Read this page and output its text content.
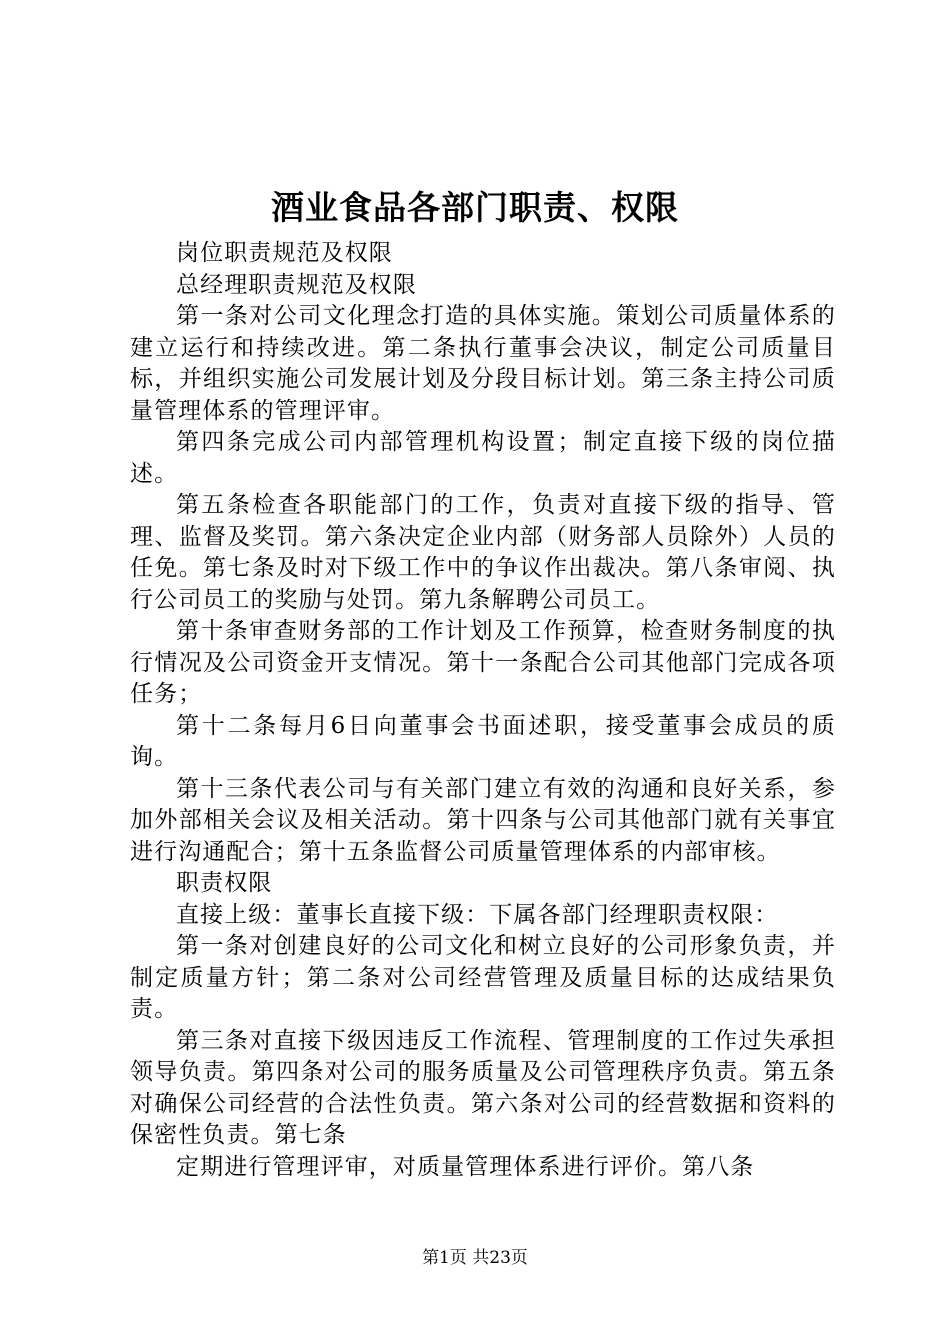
酒业食品各部门职责、权限

岗位职责规范及权限

总经理职责规范及权限

第一条对公司文化理念打造的具体实施。策划公司质量体系的建立运行和持续改进。第二条执行董事会决议，制定公司质量目标，并组织实施公司发展计划及分段目标计划。第三条主持公司质量管理体系的管理评审。

第四条完成公司内部管理机构设置；制定直接下级的岗位描述。

第五条检查各职能部门的工作，负责对直接下级的指导、管理、监督及奖罚。第六条决定企业内部（财务部人员除外）人员的任免。第七条及时对下级工作中的争议作出裁决。第八条审阅、执行公司员工的奖励与处罚。第九条解聘公司员工。

第十条审查财务部的工作计划及工作预算，检查财务制度的执行情况及公司资金开支情况。第十一条配合公司其他部门完成各项任务；

第十二条每月6日向董事会书面述职，接受董事会成员的质询。

第十三条代表公司与有关部门建立有效的沟通和良好关系，参加外部相关会议及相关活动。第十四条与公司其他部门就有关事宜进行沟通配合；第十五条监督公司质量管理体系的内部审核。

职责权限

直接上级：董事长直接下级：下属各部门经理职责权限：

第一条对创建良好的公司文化和树立良好的公司形象负责，并制定质量方针；第二条对公司经营管理及质量目标的达成结果负责。

第三条对直接下级因违反工作流程、管理制度的工作过失承担领导负责。第四条对公司的服务质量及公司管理秩序负责。第五条对确保公司经营的合法性负责。第六条对公司的经营数据和资料的保密性负责。第七条

定期进行管理评审，对质量管理体系进行评价。第八条

第1页 共23页
